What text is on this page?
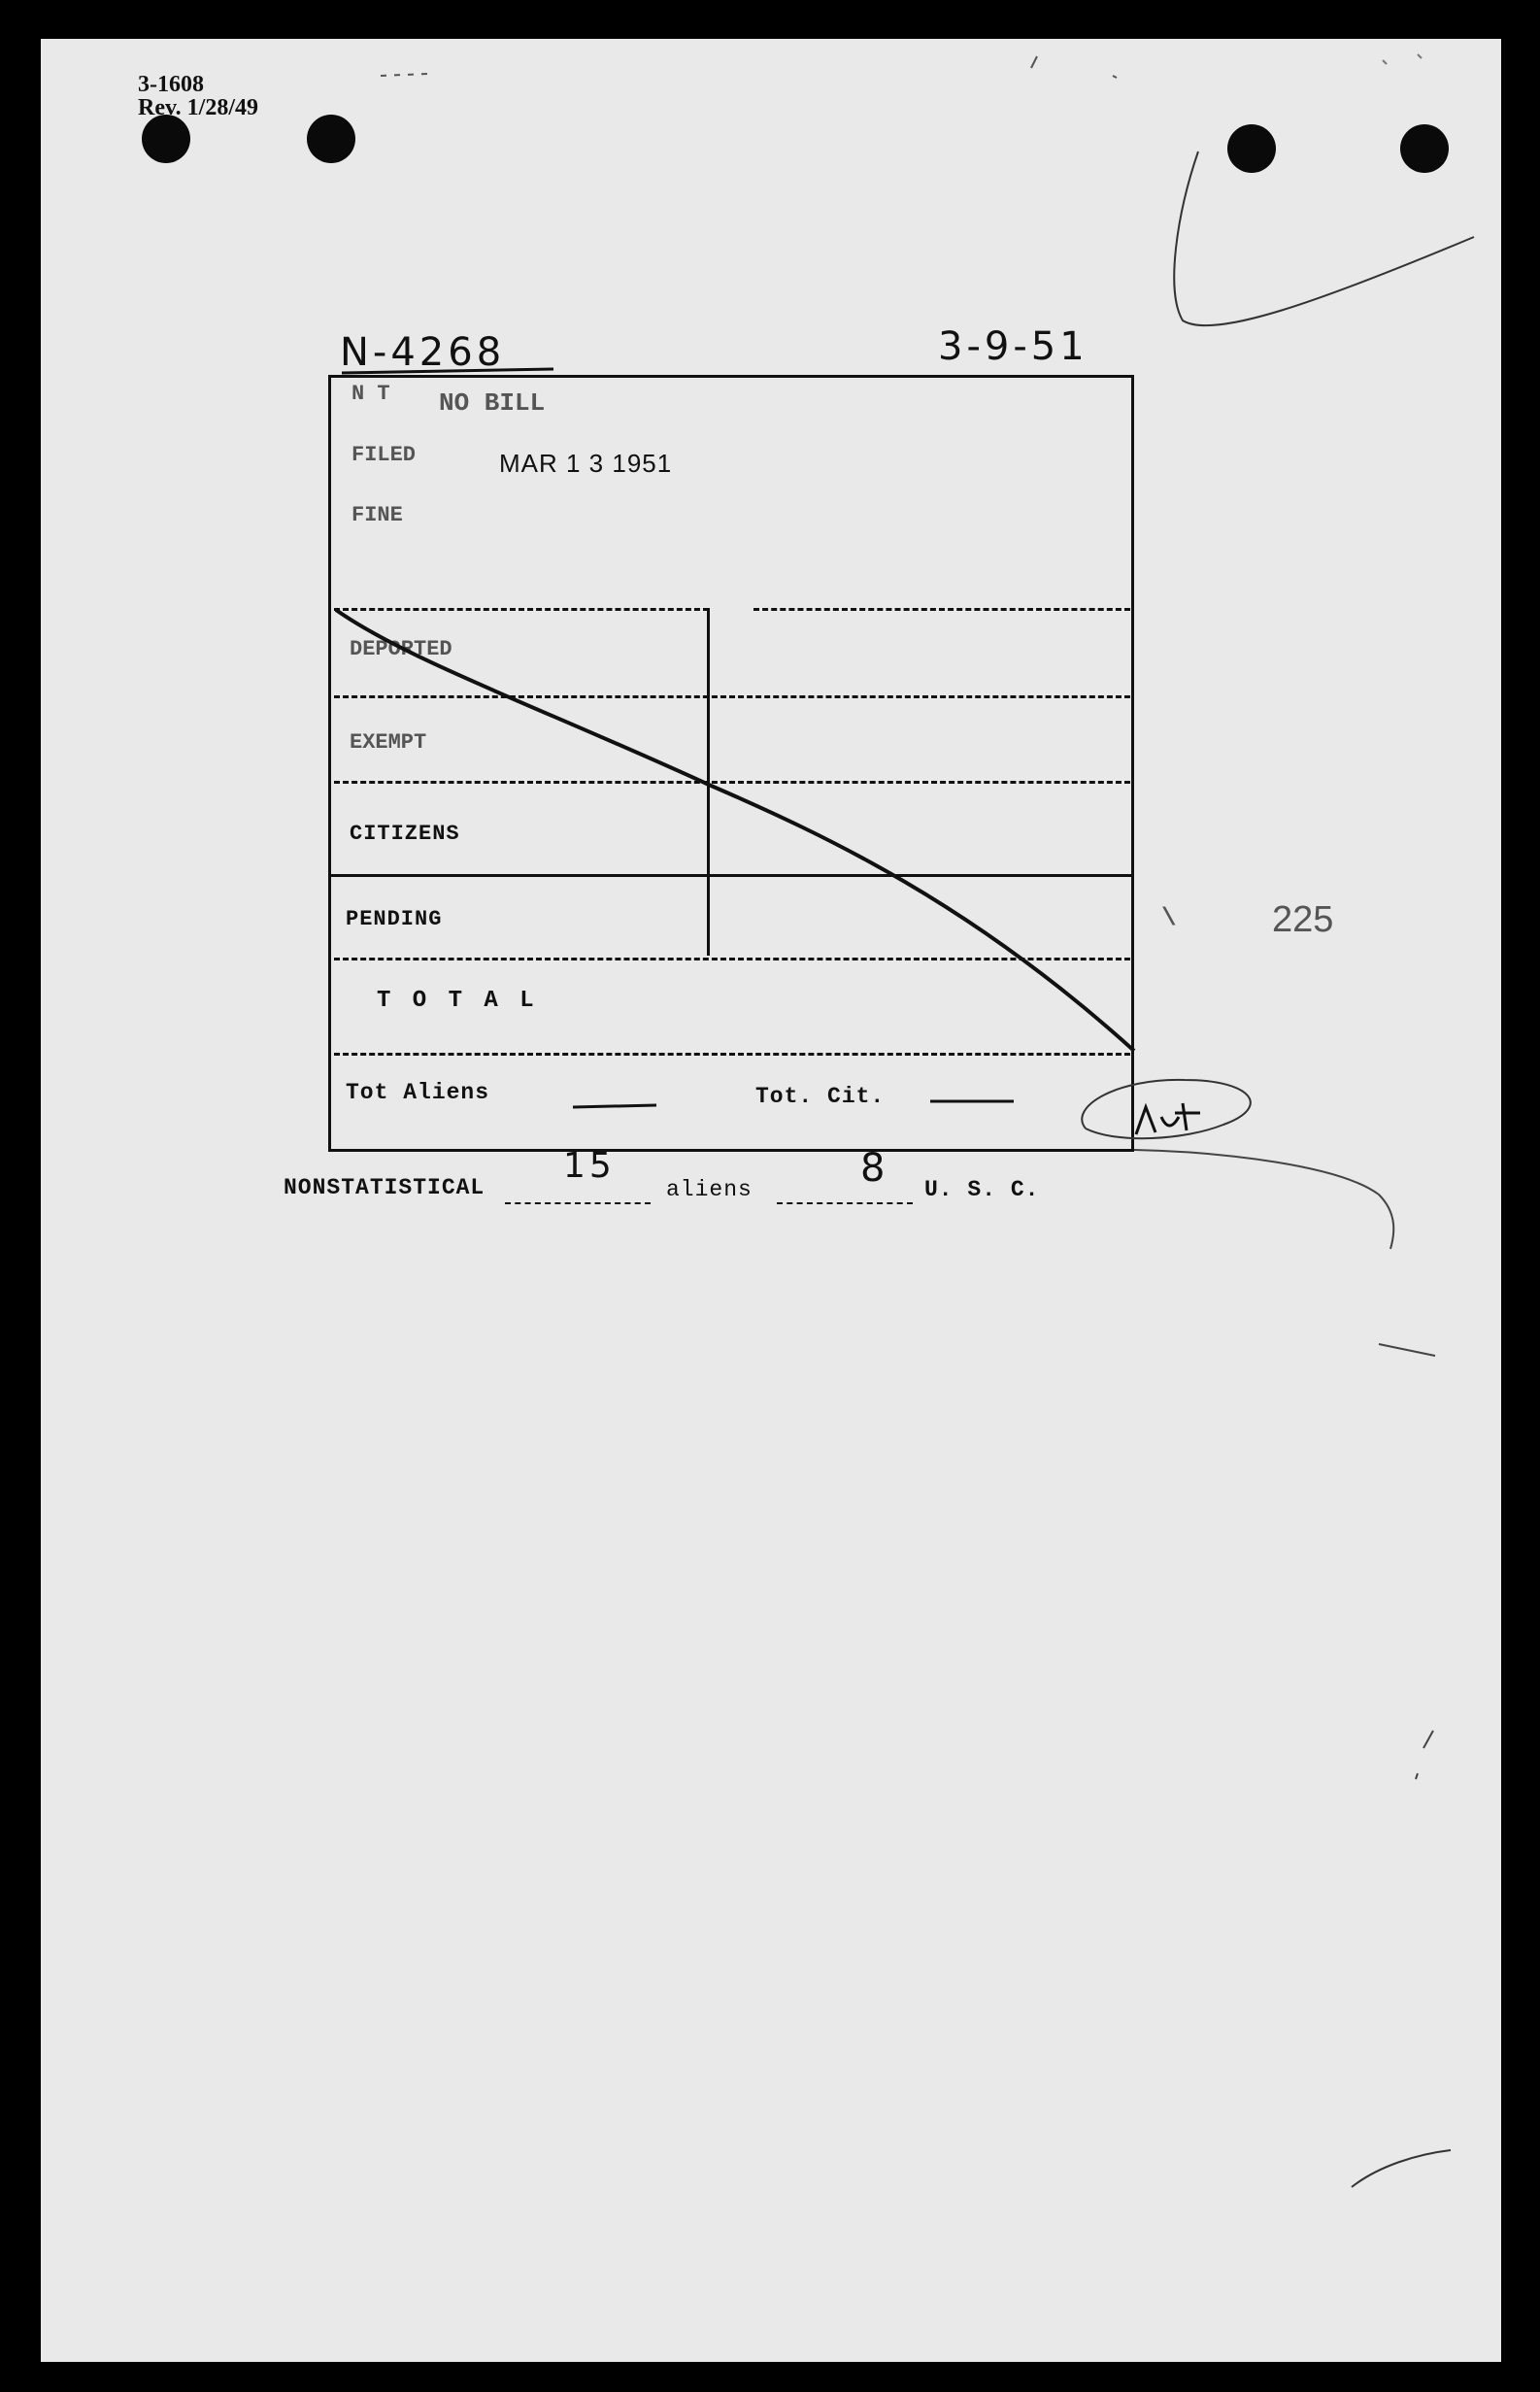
3-1608
Rev. 1/28/49
N-4268	3-9-51
N T NO BILL
FILED	MAR 1 3 1951
FINE
DEPORTED
EXEMPT
CITIZENS
PENDING
T O T A L
Tot Aliens	Tot. Cit.
\	225
NONSTATISTICAL
15
aliens	8 U. S. C.
